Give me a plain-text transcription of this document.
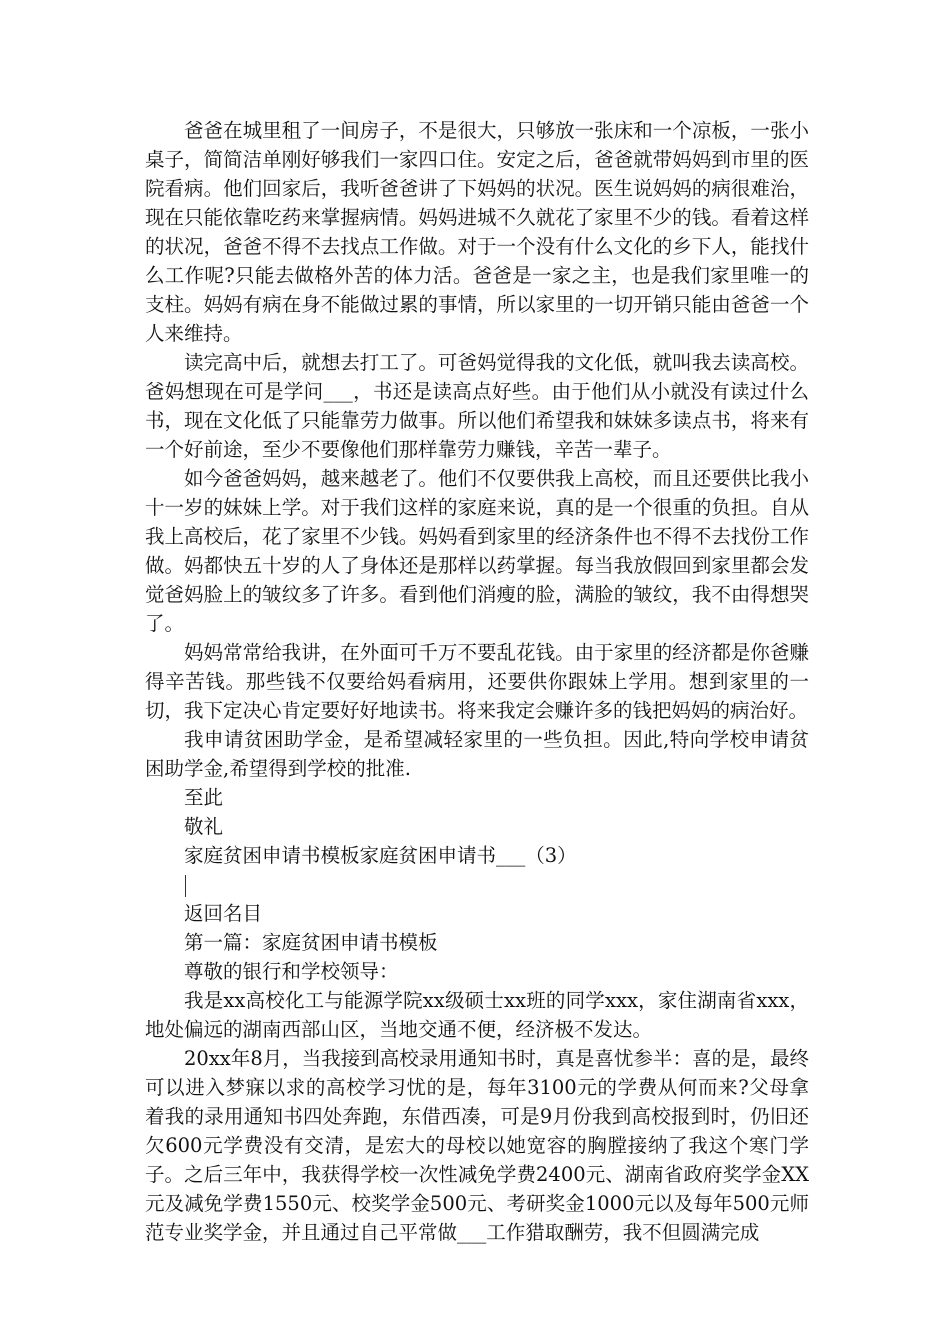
爸爸在城里租了一间房子，不是很大，只够放一张床和一个凉板，一张小桌子，简简洁单刚好够我们一家四口住。安定之后，爸爸就带妈妈到市里的医院看病。他们回家后，我听爸爸讲了下妈妈的状况。医生说妈妈的病很难治，现在只能依靠吃药来掌握病情。妈妈进城不久就花了家里不少的钱。看着这样的状况，爸爸不得不去找点工作做。对于一个没有什么文化的乡下人，能找什么工作呢?只能去做格外苦的体力活。爸爸是一家之主，也是我们家里唯一的支柱。妈妈有病在身不能做过累的事情，所以家里的一切开销只能由爸爸一个人来维持。

读完高中后，就想去打工了。可爸妈觉得我的文化低，就叫我去读高校。爸妈想现在可是学问___，书还是读高点好些。由于他们从小就没有读过什么书，现在文化低了只能靠劳力做事。所以他们希望我和妹妹多读点书，将来有一个好前途，至少不要像他们那样靠劳力赚钱，辛苦一辈子。

如今爸爸妈妈，越来越老了。他们不仅要供我上高校，而且还要供比我小十一岁的妹妹上学。对于我们这样的家庭来说，真的是一个很重的负担。自从我上高校后，花了家里不少钱。妈妈看到家里的经济条件也不得不去找份工作做。妈都快五十岁的人了身体还是那样以药掌握。每当我放假回到家里都会发觉爸妈脸上的皱纹多了许多。看到他们消瘦的脸，满脸的皱纹，我不由得想哭了。

妈妈常常给我讲，在外面可千万不要乱花钱。由于家里的经济都是你爸赚得辛苦钱。那些钱不仅要给妈看病用，还要供你跟妹上学用。想到家里的一切，我下定决心肯定要好好地读书。将来我定会赚许多的钱把妈妈的病治好。

我申请贫困助学金，是希望减轻家里的一些负担。因此,特向学校申请贫困助学金,希望得到学校的批准.

至此

敬礼

家庭贫困申请书模板家庭贫困申请书___（3）

返回名目

第一篇：家庭贫困申请书模板

尊敬的银行和学校领导：

我是xx高校化工与能源学院xx级硕士xx班的同学xxx，家住湖南省xxx，地处偏远的湖南西部山区，当地交通不便，经济极不发达。

20xx年8月，当我接到高校录用通知书时，真是喜忧参半：喜的是，最终可以进入梦寐以求的高校学习忧的是，每年3100元的学费从何而来?父母拿着我的录用通知书四处奔跑，东借西凑，可是9月份我到高校报到时，仍旧还欠600元学费没有交清，是宏大的母校以她宽容的胸膛接纳了我这个寒门学子。之后三年中，我获得学校一次性减免学费2400元、湖南省政府奖学金XX元及减免学费1550元、校奖学金500元、考研奖金1000元以及每年500元师范专业奖学金，并且通过自己平常做___工作猎取酬劳，我不但圆满完成
